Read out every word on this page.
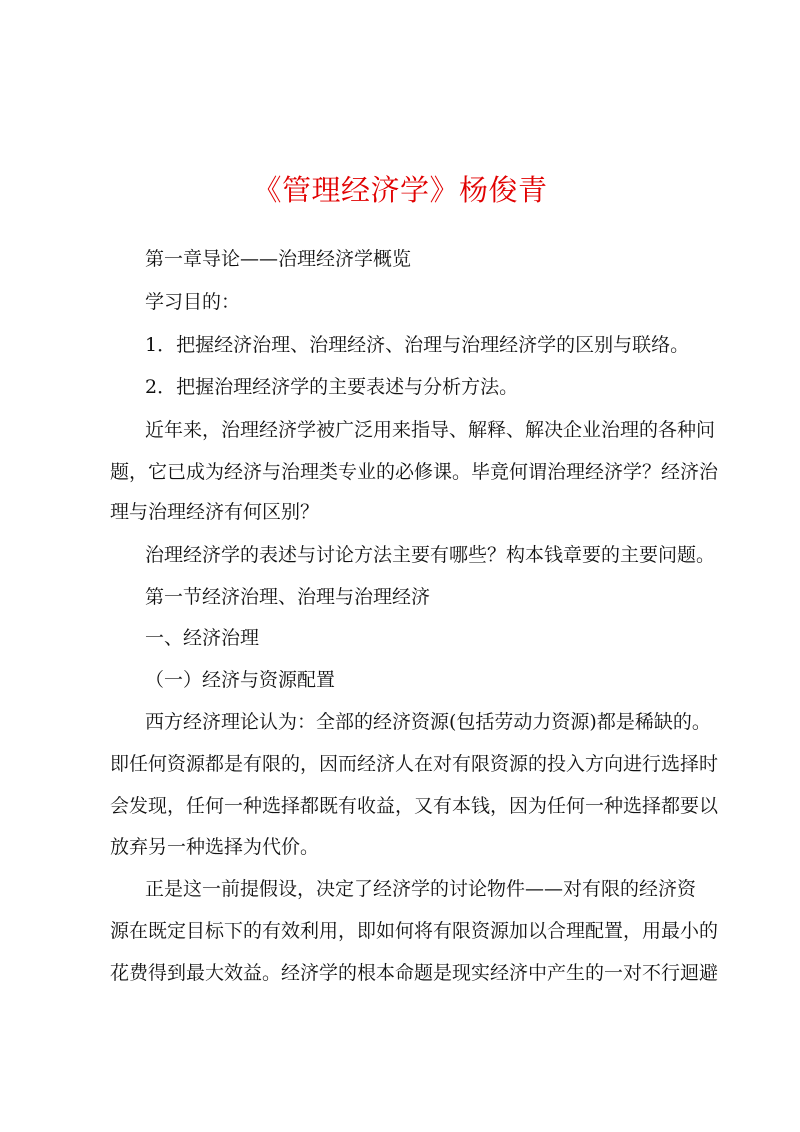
《管理经济学》杨俊青
第一章导论——治理经济学概览
学习目的：
1．把握经济治理、治理经济、治理与治理经济学的区别与联络。
2．把握治理经济学的主要表述与分析方法。
近年来，治理经济学被广泛用来指导、解释、解决企业治理的各种问
题，它已成为经济与治理类专业的必修课。毕竟何谓治理经济学？经济治
理与治理经济有何区别？
治理经济学的表述与讨论方法主要有哪些？构本钱章要的主要问题。
第一节经济治理、治理与治理经济
一、经济治理
（一）经济与资源配置
西方经济理论认为：全部的经济资源(包括劳动力资源)都是稀缺的。
即任何资源都是有限的，因而经济人在对有限资源的投入方向进行选择时
会发现，任何一种选择都既有收益，又有本钱，因为任何一种选择都要以
放弃另一种选择为代价。
正是这一前提假设，决定了经济学的讨论物件——对有限的经济资
源在既定目标下的有效利用，即如何将有限资源加以合理配置，用最小的
花费得到最大效益。经济学的根本命题是现实经济中产生的一对不行迴避
